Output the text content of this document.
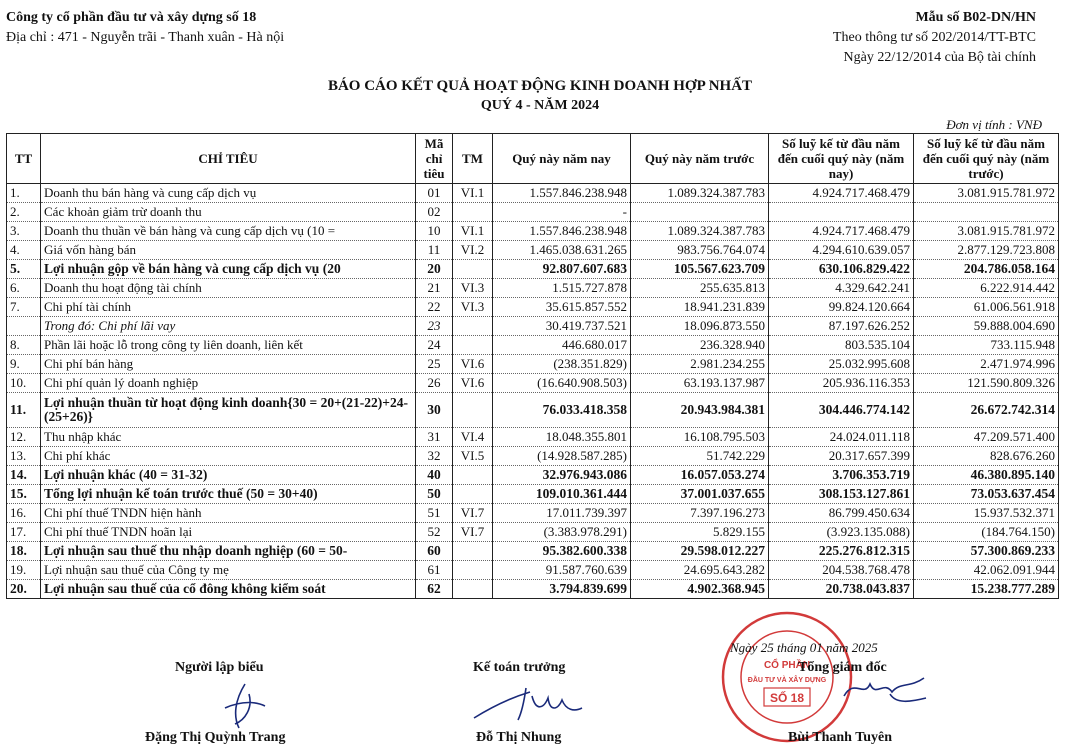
Công ty cổ phần đầu tư và xây dựng số 18
Địa chỉ : 471 - Nguyễn trãi - Thanh xuân - Hà nội
Mẫu số B02-DN/HN
Theo thông tư số 202/2014/TT-BTC
Ngày 22/12/2014 của Bộ tài chính
BÁO CÁO KẾT QUẢ HOẠT ĐỘNG KINH DOANH HỢP NHẤT
QUÝ 4 - NĂM 2024
Đơn vị tính : VNĐ
TT	CHỈ TIÊU	Mã chỉ tiêu	TM	Quý này năm nay	Quý này năm trước	Số luỹ kế từ đầu năm đến cuối quý này (năm nay)	Số luỹ kế từ đầu năm đến cuối quý này (năm trước)
1.	Doanh thu bán hàng và cung cấp dịch vụ	01	VI.1	1.557.846.238.948	1.089.324.387.783	4.924.717.468.479	3.081.915.781.972
2.	Các khoản giảm trừ doanh thu	02		-			
3.	Doanh thu thuần về bán hàng và cung cấp dịch vụ (10 =	10	VI.1	1.557.846.238.948	1.089.324.387.783	4.924.717.468.479	3.081.915.781.972
4.	Giá vốn hàng bán	11	VI.2	1.465.038.631.265	983.756.764.074	4.294.610.639.057	2.877.129.723.808
5.	Lợi nhuận gộp về bán hàng và cung cấp dịch vụ (20	20		92.807.607.683	105.567.623.709	630.106.829.422	204.786.058.164
6.	Doanh thu hoạt động tài chính	21	VI.3	1.515.727.878	255.635.813	4.329.642.241	6.222.914.442
7.	Chi phí tài chính	22	VI.3	35.615.857.552	18.941.231.839	99.824.120.664	61.006.561.918
	Trong đó: Chi phí lãi vay	23		30.419.737.521	18.096.873.550	87.197.626.252	59.888.004.690
8.	Phần lãi hoặc lỗ trong công ty liên doanh, liên kết	24		446.680.017	236.328.940	803.535.104	733.115.948
9.	Chi phí bán hàng	25	VI.6	(238.351.829)	2.981.234.255	25.032.995.608	2.471.974.996
10.	Chi phí quản lý doanh nghiệp	26	VI.6	(16.640.908.503)	63.193.137.987	205.936.116.353	121.590.809.326
11.	Lợi nhuận thuần từ hoạt động kinh doanh{30 = 20+(21-22)+24-(25+26)}	30		76.033.418.358	20.943.984.381	304.446.774.142	26.672.742.314
12.	Thu nhập khác	31	VI.4	18.048.355.801	16.108.795.503	24.024.011.118	47.209.571.400
13.	Chi phí khác	32	VI.5	(14.928.587.285)	51.742.229	20.317.657.399	828.676.260
14.	Lợi nhuận khác (40 = 31-32)	40		32.976.943.086	16.057.053.274	3.706.353.719	46.380.895.140
15.	Tổng lợi nhuận kế toán trước thuế (50 = 30+40)	50		109.010.361.444	37.001.037.655	308.153.127.861	73.053.637.454
16.	Chi phí thuế TNDN hiện hành	51	VI.7	17.011.739.397	7.397.196.273	86.799.450.634	15.937.532.371
17.	Chi phí thuế TNDN hoãn lại	52	VI.7	(3.383.978.291)	5.829.155	(3.923.135.088)	(184.764.150)
18.	Lợi nhuận sau thuế thu nhập doanh nghiệp (60 = 50-	60		95.382.600.338	29.598.012.227	225.276.812.315	57.300.869.233
19.	Lợi nhuận sau thuế của Công ty mẹ	61		91.587.760.639	24.695.643.282	204.538.768.478	42.062.091.944
20.	Lợi nhuận sau thuế của cổ đông không kiểm soát	62		3.794.839.699	4.902.368.945	20.738.043.837	15.238.777.289
Người lập biểu
Đặng Thị Quỳnh Trang
Kế toán trưởng
Đỗ Thị Nhung
CỔ PHẦN
ĐẦU TƯ VÀ XÂY DỰNG
SỐ 18
Ngày 25 tháng 01 năm 2025
Tổng giám đốc
Bùi Thanh Tuyên
